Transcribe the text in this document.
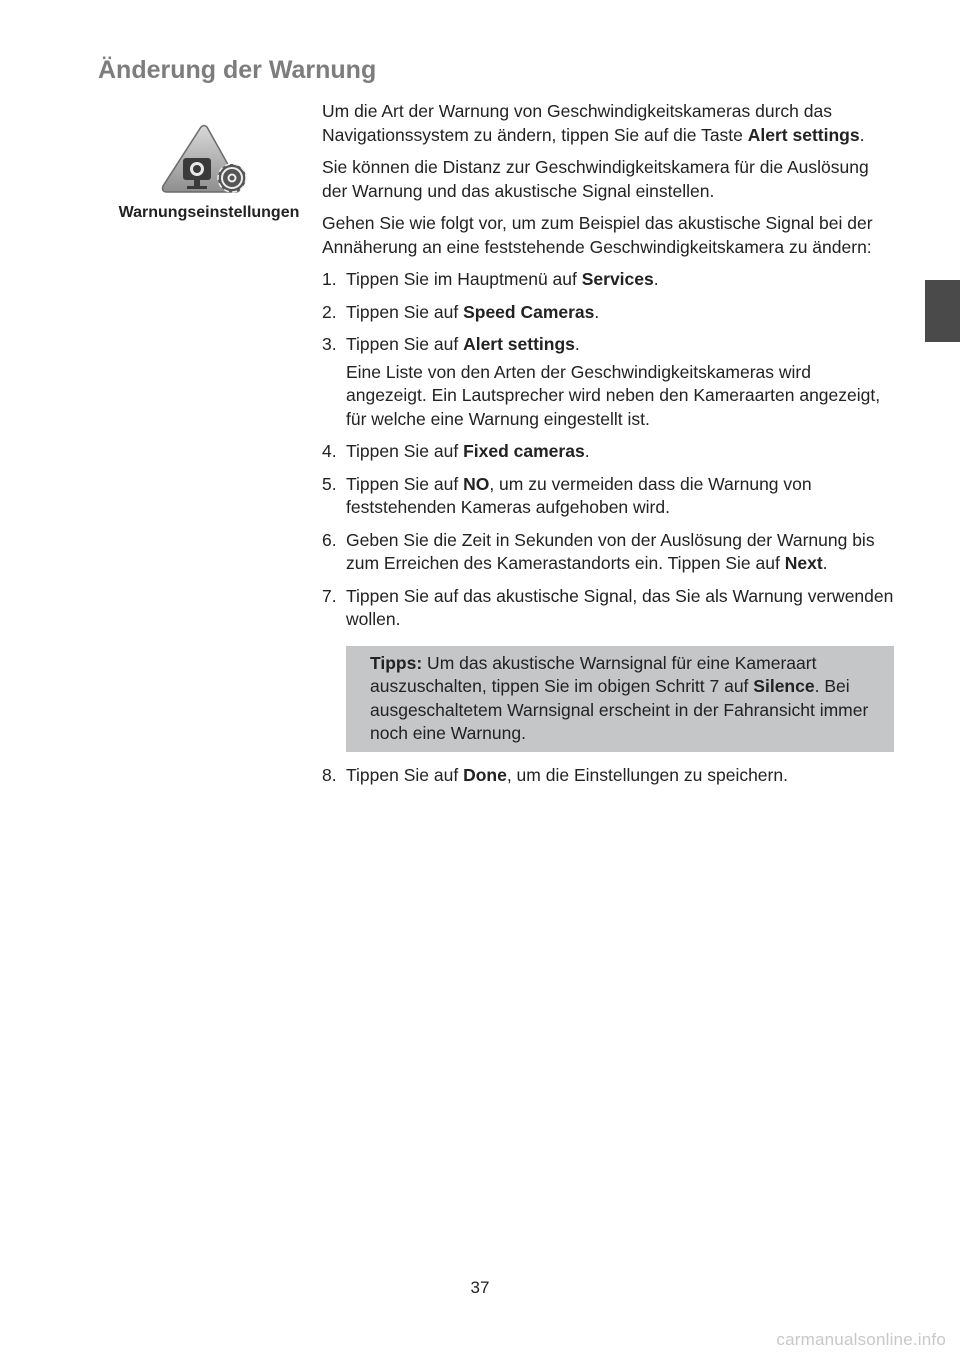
Änderung der Warnung
Warnungseinstellungen

Um die Art der Warnung von Geschwindigkeitskameras durch das Navigationssystem zu ändern, tippen Sie auf die Taste Alert settings.

Sie können die Distanz zur Geschwindigkeitskamera für die Auslösung der Warnung und das akustische Signal einstellen.

Gehen Sie wie folgt vor, um zum Beispiel das akustische Signal bei der Annäherung an eine feststehende Geschwindigkeitskamera zu ändern:

1. Tippen Sie im Hauptmenü auf Services.
2. Tippen Sie auf Speed Cameras.
3. Tippen Sie auf Alert settings.
Eine Liste von den Arten der Geschwindigkeitskameras wird angezeigt. Ein Lautsprecher wird neben den Kameraarten angezeigt, für welche eine Warnung eingestellt ist.
4. Tippen Sie auf Fixed cameras.
5. Tippen Sie auf NO, um zu vermeiden dass die Warnung von feststehenden Kameras aufgehoben wird.
6. Geben Sie die Zeit in Sekunden von der Auslösung der Warnung bis zum Erreichen des Kamerastandorts ein. Tippen Sie auf Next.
7. Tippen Sie auf das akustische Signal, das Sie als Warnung verwenden wollen.
Tipps: Um das akustische Warnsignal für eine Kameraart auszuschalten, tippen Sie im obigen Schritt 7 auf Silence. Bei ausgeschaltetem Warnsignal erscheint in der Fahransicht immer noch eine Warnung.
8. Tippen Sie auf Done, um die Einstellungen zu speichern.
37
carmanualsonline.info
